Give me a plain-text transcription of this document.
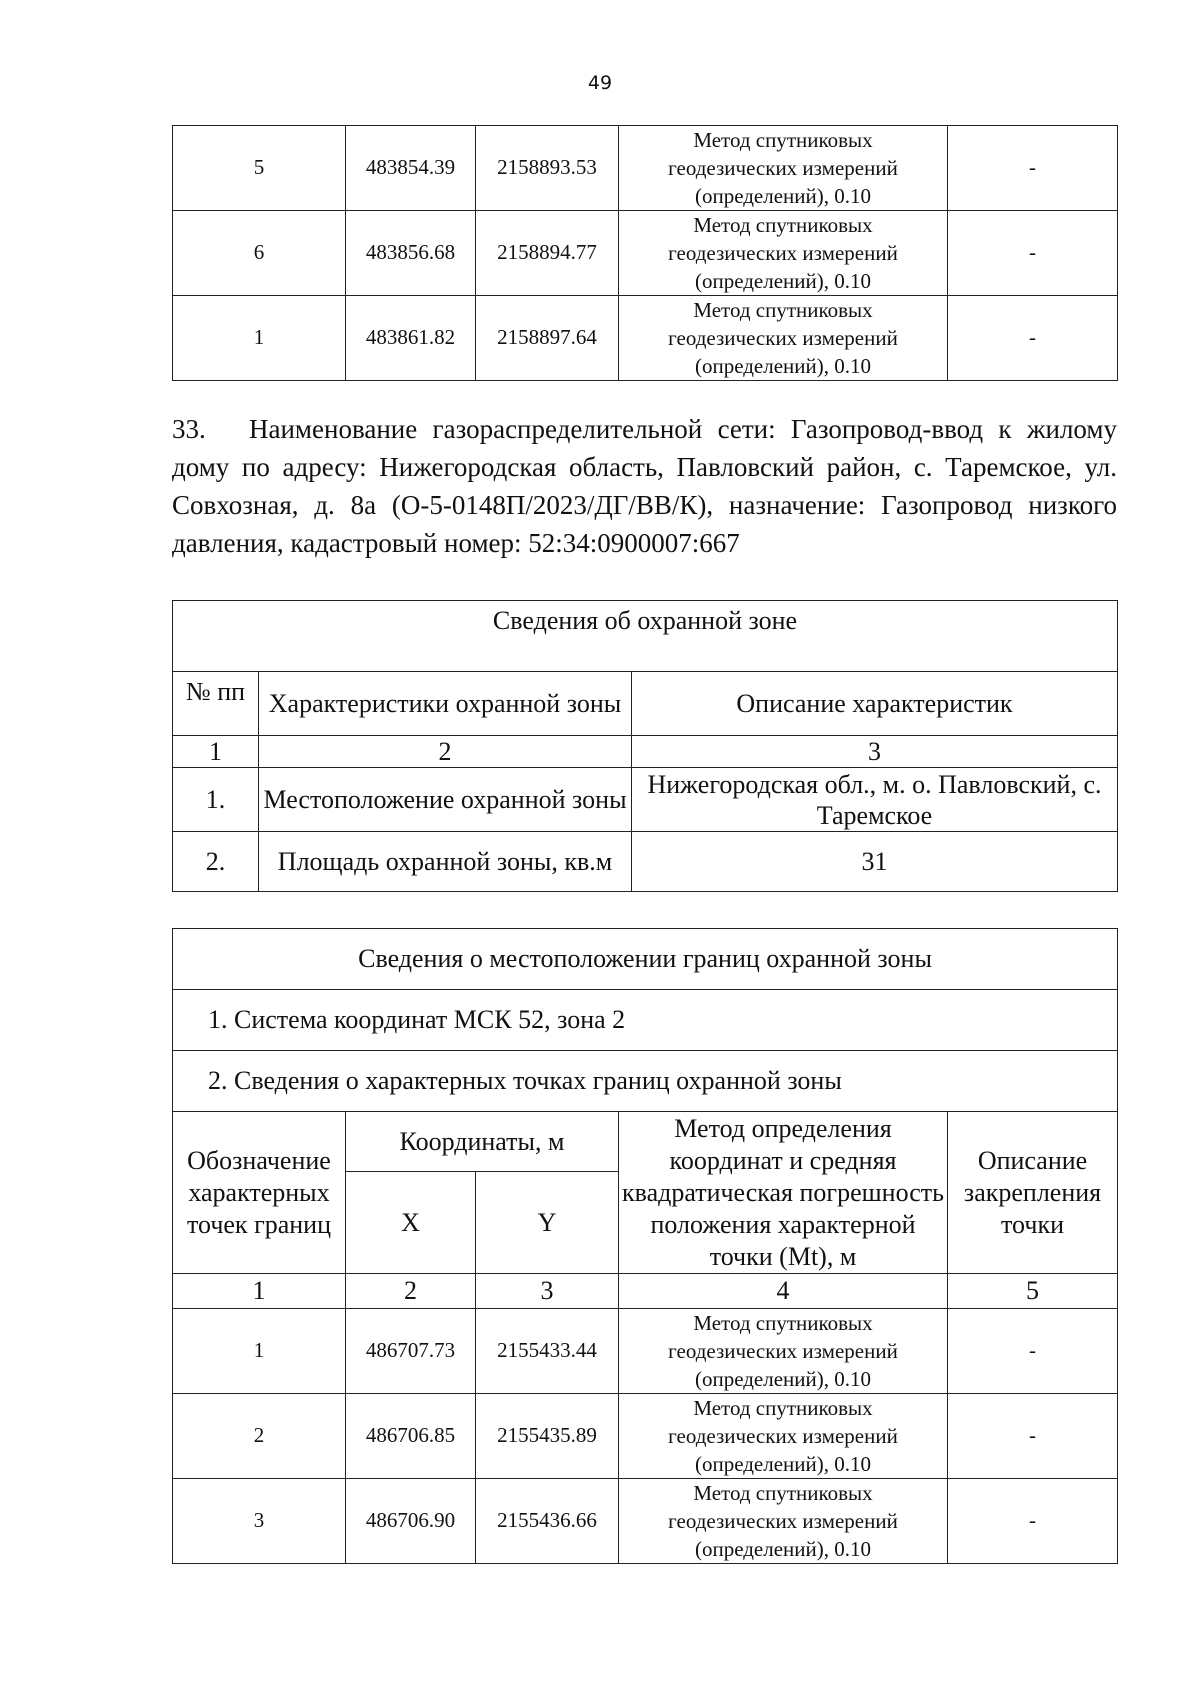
49
5	483854.39	2158893.53	Метод спутниковых
геодезических измерений
(определений), 0.10	-
6	483856.68	2158894.77	Метод спутниковых
геодезических измерений
(определений), 0.10	-
1	483861.82	2158897.64	Метод спутниковых
геодезических измерений
(определений), 0.10	-

33. Наименование газораспределительной сети: Газопровод-ввод к жилому дому по адресу: Нижегородская область, Павловский район, с. Таремское, ул. Совхозная, д. 8а (О-5-0148П/2023/ДГ/ВВ/К), назначение: Газопровод низкого давления, кадастровый номер: 52:34:0900007:667

Сведения об охранной зоне		
№ пп	Характеристики охранной зоны	Описание характеристик
1	2	3
1.	Местоположение охранной зоны	Нижегородская обл., м. о. Павловский, с. Таремское
2.	Площадь охранной зоны, кв.м	31
Сведения о местоположении границ охранной зоны				
1. Система координат МСК 52, зона 2				
2. Сведения о характерных точках границ охранной зоны				
Обозначение характерных точек границ	Координаты, м		Метод определения координат и средняя квадратическая погрешность положения характерной точки (Mt), м	Описание закрепления точки
	X	Y		
1	2	3	4	5
1	486707.73	2155433.44	Метод спутниковых
геодезических измерений
(определений), 0.10	-
2	486706.85	2155435.89	Метод спутниковых
геодезических измерений
(определений), 0.10	-
3	486706.90	2155436.66	Метод спутниковых
геодезических измерений
(определений), 0.10	-
